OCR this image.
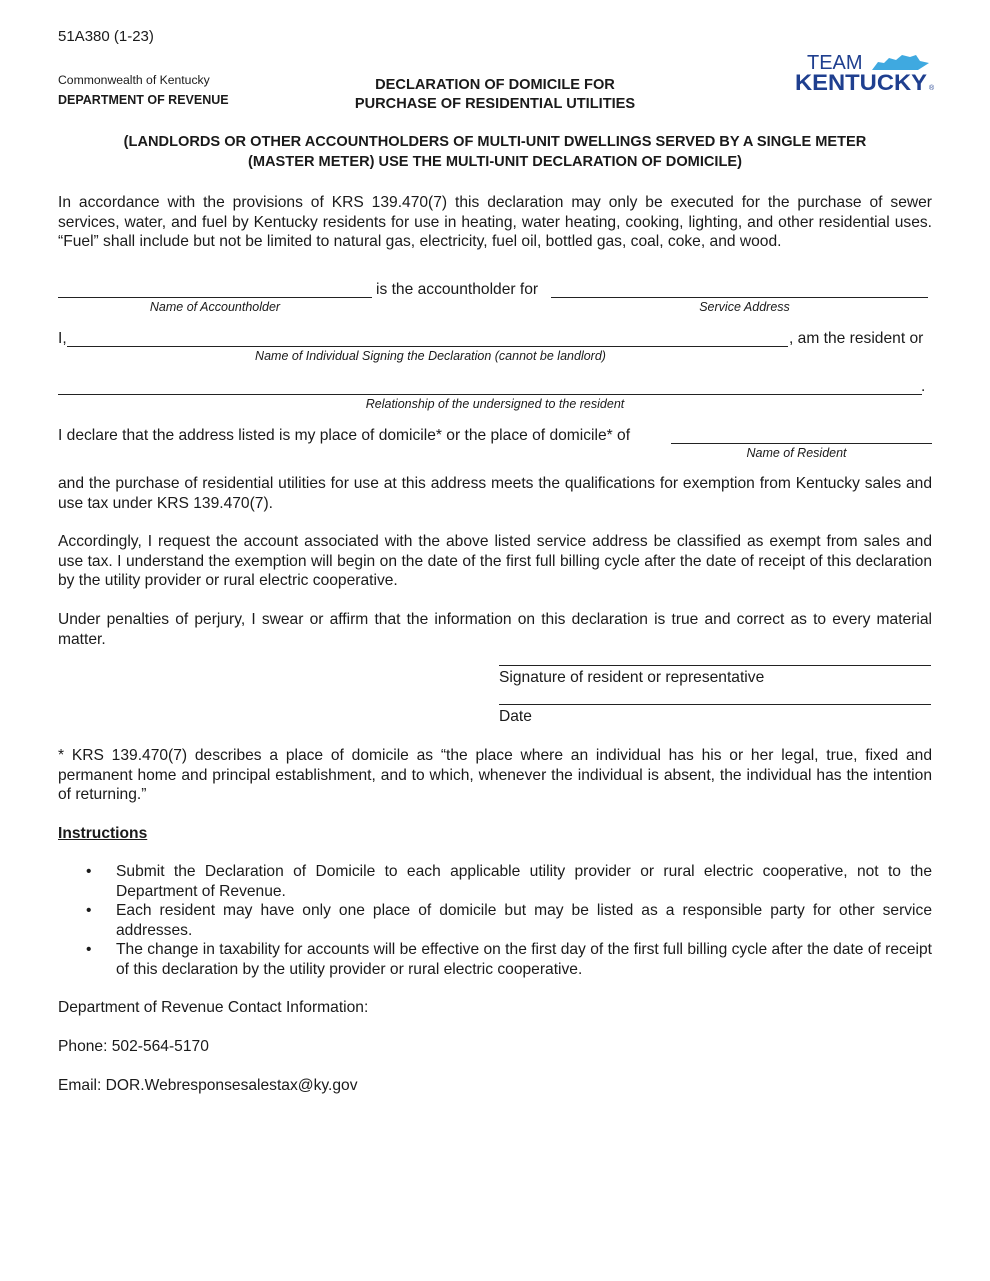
51A380 (1-23)
Commonwealth of Kentucky
DEPARTMENT OF REVENUE
DECLARATION OF DOMICILE FOR
PURCHASE OF RESIDENTIAL UTILITIES
TEAM
KENTUCKY ®
(LANDLORDS OR OTHER ACCOUNTHOLDERS OF MULTI-UNIT DWELLINGS SERVED BY A SINGLE METER
(MASTER METER) USE THE MULTI-UNIT DECLARATION OF DOMICILE)
In accordance with the provisions of KRS 139.470(7) this declaration may only be executed for the purchase of sewer services, water, and fuel by Kentucky residents for use in heating, water heating, cooking, lighting, and other residential uses. “Fuel” shall include but not be limited to natural gas, electricity, fuel oil, bottled gas, coal, coke, and wood.
is the accountholder for
Name of Accountholder	Service Address
I,	, am the resident or
Name of Individual Signing the Declaration (cannot be landlord)
.
Relationship of the undersigned to the resident
I declare that the address listed is my place of domicile* or the place of domicile* of
Name of Resident
and the purchase of residential utilities for use at this address meets the qualifications for exemption from Kentucky sales and use tax under KRS 139.470(7).
Accordingly, I request the account associated with the above listed service address be classified as exempt from sales and use tax. I understand the exemption will begin on the date of the first full billing cycle after the date of receipt of this declaration by the utility provider or rural electric cooperative.
Under penalties of perjury, I swear or affirm that the information on this declaration is true and correct as to every material matter.
Signature of resident or representative
Date
* KRS 139.470(7) describes a place of domicile as “the place where an individual has his or her legal, true, fixed and permanent home and principal establishment, and to which, whenever the individual is absent, the individual has the intention of returning.”
Instructions
• Submit the Declaration of Domicile to each applicable utility provider or rural electric cooperative, not to the Department of Revenue.
• Each resident may have only one place of domicile but may be listed as a responsible party for other service addresses.
• The change in taxability for accounts will be effective on the first day of the first full billing cycle after the date of receipt of this declaration by the utility provider or rural electric cooperative.
Department of Revenue Contact Information:
Phone: 502-564-5170
Email: DOR.Webresponsesalestax@ky.gov
